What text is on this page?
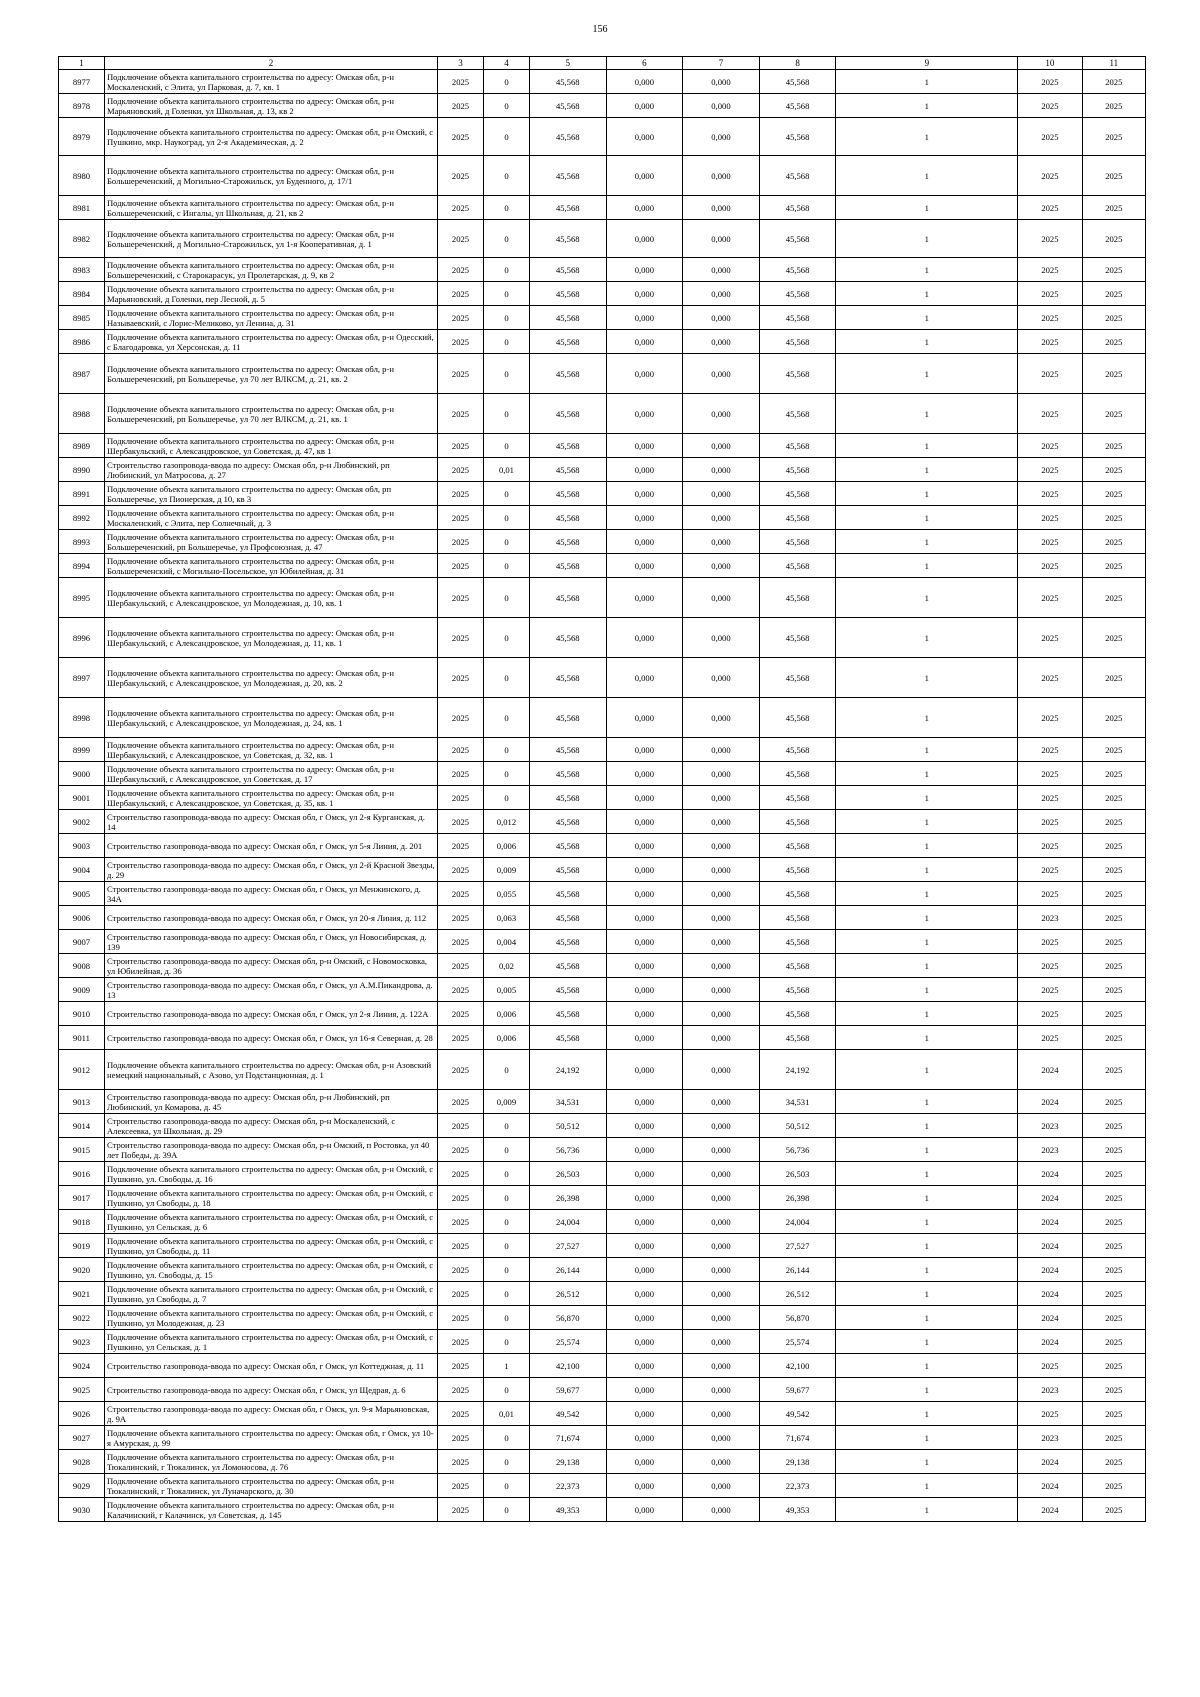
156
1	2	3	4	5	6	7	8	9	10	11
8977	Подключение объекта капитального строительства по адресу: Омская обл, р-н Москаленский, с Элита, ул Парковая, д. 7, кв. 1	2025	0	45,568	0,000	0,000	45,568	1	2025	2025
8978	Подключение объекта капитального строительства по адресу: Омская обл, р-н Марьяновский, д Голенки, ул Школьная, д. 13, кв 2	2025	0	45,568	0,000	0,000	45,568	1	2025	2025
8979	Подключение объекта капитального строительства по адресу: Омская обл, р-н Омский, с Пушкино, мкр. Наукоград, ул 2-я Академическая, д. 2	2025	0	45,568	0,000	0,000	45,568	1	2025	2025
8980	Подключение объекта капитального строительства по адресу: Омская обл, р-н Большереченский, д Могильно-Старожильск, ул Буденного, д. 17/1	2025	0	45,568	0,000	0,000	45,568	1	2025	2025
8981	Подключение объекта капитального строительства по адресу: Омская обл, р-н Большереченский, с Ингалы, ул Школьная, д. 21, кв 2	2025	0	45,568	0,000	0,000	45,568	1	2025	2025
8982	Подключение объекта капитального строительства по адресу: Омская обл, р-н Большереченский, д Могильно-Старожильск, ул 1-я Кооперативная, д. 1	2025	0	45,568	0,000	0,000	45,568	1	2025	2025
8983	Подключение объекта капитального строительства по адресу: Омская обл, р-н Большереченский, с Старокарасук, ул Пролетарская, д. 9, кв 2	2025	0	45,568	0,000	0,000	45,568	1	2025	2025
8984	Подключение объекта капитального строительства по адресу: Омская обл, р-н Марьяновский, д Голенки, пер Лесной, д. 5	2025	0	45,568	0,000	0,000	45,568	1	2025	2025
8985	Подключение объекта капитального строительства по адресу: Омская обл, р-н Называевский, с Лорис-Меликово, ул Ленина, д. 31	2025	0	45,568	0,000	0,000	45,568	1	2025	2025
8986	Подключение объекта капитального строительства по адресу: Омская обл, р-н Одесский, с Благодаровка, ул Херсонская, д. 11	2025	0	45,568	0,000	0,000	45,568	1	2025	2025
8987	Подключение объекта капитального строительства по адресу: Омская обл, р-н Большереченский, рп Большеречье, ул 70 лет ВЛКСМ, д. 21, кв. 2	2025	0	45,568	0,000	0,000	45,568	1	2025	2025
8988	Подключение объекта капитального строительства по адресу: Омская обл, р-н Большереченский, рп Большеречье, ул 70 лет ВЛКСМ, д. 21, кв. 1	2025	0	45,568	0,000	0,000	45,568	1	2025	2025
8989	Подключение объекта капитального строительства по адресу: Омская обл, р-н Шербакульский, с Александровское, ул Советская, д. 47, кв 1	2025	0	45,568	0,000	0,000	45,568	1	2025	2025
8990	Строительство газопровода-ввода по адресу: Омская обл, р-н Любинский, рп Любинский, ул Матросова, д. 27	2025	0,01	45,568	0,000	0,000	45,568	1	2025	2025
8991	Подключение объекта капитального строительства по адресу: Омская обл, рп Большеречье, ул Пионерская, д 10, кв 3	2025	0	45,568	0,000	0,000	45,568	1	2025	2025
8992	Подключение объекта капитального строительства по адресу: Омская обл, р-н Москаленский, с Элита, пер Солнечный, д. 3	2025	0	45,568	0,000	0,000	45,568	1	2025	2025
8993	Подключение объекта капитального строительства по адресу: Омская обл, р-н Большереченский, рп Большеречье, ул Профсоюзная, д. 47	2025	0	45,568	0,000	0,000	45,568	1	2025	2025
8994	Подключение объекта капитального строительства по адресу: Омская обл, р-н Большереченский, с Могильно-Посельское, ул Юбилейная, д. 31	2025	0	45,568	0,000	0,000	45,568	1	2025	2025
8995	Подключение объекта капитального строительства по адресу: Омская обл, р-н Шербакульский, с Александровское, ул Молодежная, д. 10, кв. 1	2025	0	45,568	0,000	0,000	45,568	1	2025	2025
8996	Подключение объекта капитального строительства по адресу: Омская обл, р-н Шербакульский, с Александровское, ул Молодежная, д. 11, кв. 1	2025	0	45,568	0,000	0,000	45,568	1	2025	2025
8997	Подключение объекта капитального строительства по адресу: Омская обл, р-н Шербакульский, с Александровское, ул Молодежная, д. 20, кв. 2	2025	0	45,568	0,000	0,000	45,568	1	2025	2025
8998	Подключение объекта капитального строительства по адресу: Омская обл, р-н Шербакульский, с Александровское, ул Молодежная, д. 24, кв. 1	2025	0	45,568	0,000	0,000	45,568	1	2025	2025
8999	Подключение объекта капитального строительства по адресу: Омская обл, р-н Шербакульский, с Александровское, ул Советская, д. 32, кв. 1	2025	0	45,568	0,000	0,000	45,568	1	2025	2025
9000	Подключение объекта капитального строительства по адресу: Омская обл, р-н Шербакульский, с Александровское, ул Советская, д. 17	2025	0	45,568	0,000	0,000	45,568	1	2025	2025
9001	Подключение объекта капитального строительства по адресу: Омская обл, р-н Шербакульский, с Александровское, ул Советская, д. 35, кв. 1	2025	0	45,568	0,000	0,000	45,568	1	2025	2025
9002	Строительство газопровода-ввода по адресу: Омская обл, г Омск, ул 2-я Курганская, д. 14	2025	0,012	45,568	0,000	0,000	45,568	1	2025	2025
9003	Строительство газопровода-ввода по адресу: Омская обл, г Омск, ул 5-я Линия, д. 201	2025	0,006	45,568	0,000	0,000	45,568	1	2025	2025
9004	Строительство газопровода-ввода по адресу: Омская обл, г Омск, ул 2-й Красной Звезды, д. 29	2025	0,009	45,568	0,000	0,000	45,568	1	2025	2025
9005	Строительство газопровода-ввода по адресу: Омская обл, г Омск, ул Менжинского, д. 34А	2025	0,055	45,568	0,000	0,000	45,568	1	2025	2025
9006	Строительство газопровода-ввода по адресу: Омская обл, г Омск, ул 20-я Линия, д. 112	2025	0,063	45,568	0,000	0,000	45,568	1	2023	2025
9007	Строительство газопровода-ввода по адресу: Омская обл, г Омск, ул Новосибирская, д. 139	2025	0,004	45,568	0,000	0,000	45,568	1	2025	2025
9008	Строительство газопровода-ввода по адресу: Омская обл, р-н Омский, с Новомосковка, ул Юбилейная, д. 36	2025	0,02	45,568	0,000	0,000	45,568	1	2025	2025
9009	Строительство газопровода-ввода по адресу: Омская обл, г Омск, ул А.М.Пикандрова, д. 13	2025	0,005	45,568	0,000	0,000	45,568	1	2025	2025
9010	Строительство газопровода-ввода по адресу: Омская обл, г Омск, ул 2-я Линия, д. 122А	2025	0,006	45,568	0,000	0,000	45,568	1	2025	2025
9011	Строительство газопровода-ввода по адресу: Омская обл, г Омск, ул 16-я Северная, д. 28	2025	0,006	45,568	0,000	0,000	45,568	1	2025	2025
9012	Подключение объекта капитального строительства по адресу: Омская обл, р-н Азовский немецкий национальный, с Азово, ул Подстанционная, д. 1	2025	0	24,192	0,000	0,000	24,192	1	2024	2025
9013	Строительство газопровода-ввода по адресу: Омская обл, р-н Любинский, рп Любинский, ул Комарова, д. 45	2025	0,009	34,531	0,000	0,000	34,531	1	2024	2025
9014	Строительство газопровода-ввода по адресу: Омская обл, р-н Москаленский, с Алексеевка, ул Школьная, д. 29	2025	0	50,512	0,000	0,000	50,512	1	2023	2025
9015	Строительство газопровода-ввода по адресу: Омская обл, р-н Омский, п Ростовка, ул 40 лет Победы, д. 39А	2025	0	56,736	0,000	0,000	56,736	1	2023	2025
9016	Подключение объекта капитального строительства по адресу: Омская обл, р-н Омский, с Пушкино, ул. Свободы, д. 16	2025	0	26,503	0,000	0,000	26,503	1	2024	2025
9017	Подключение объекта капитального строительства по адресу: Омская обл, р-н Омский, с Пушкино, ул Свободы, д. 18	2025	0	26,398	0,000	0,000	26,398	1	2024	2025
9018	Подключение объекта капитального строительства по адресу: Омская обл, р-н Омский, с Пушкино, ул Сельская, д. 6	2025	0	24,004	0,000	0,000	24,004	1	2024	2025
9019	Подключение объекта капитального строительства по адресу: Омская обл, р-н Омский, с Пушкино, ул Свободы, д. 11	2025	0	27,527	0,000	0,000	27,527	1	2024	2025
9020	Подключение объекта капитального строительства по адресу: Омская обл, р-н Омский, с Пушкино, ул. Свободы, д. 15	2025	0	26,144	0,000	0,000	26,144	1	2024	2025
9021	Подключение объекта капитального строительства по адресу: Омская обл, р-н Омский, с Пушкино, ул Свободы, д. 7	2025	0	26,512	0,000	0,000	26,512	1	2024	2025
9022	Подключение объекта капитального строительства по адресу: Омская обл, р-н Омский, с Пушкино, ул Молодежная, д. 23	2025	0	56,870	0,000	0,000	56,870	1	2024	2025
9023	Подключение объекта капитального строительства по адресу: Омская обл, р-н Омский, с Пушкино, ул Сельская, д. 1	2025	0	25,574	0,000	0,000	25,574	1	2024	2025
9024	Строительство газопровода-ввода по адресу: Омская обл, г Омск, ул Коттеджная, д. 11	2025	1	42,100	0,000	0,000	42,100	1	2025	2025
9025	Строительство газопровода-ввода по адресу: Омская обл, г Омск, ул Щедрая, д. 6	2025	0	59,677	0,000	0,000	59,677	1	2023	2025
9026	Строительство газопровода-ввода по адресу: Омская обл, г Омск, ул. 9-я Марьяновская, д. 9А	2025	0,01	49,542	0,000	0,000	49,542	1	2025	2025
9027	Подключение объекта капитального строительства по адресу: Омская обл, г Омск, ул 10-я Амурская, д. 99	2025	0	71,674	0,000	0,000	71,674	1	2023	2025
9028	Подключение объекта капитального строительства по адресу: Омская обл, р-н Тюкалинский, г Тюкалинск, ул Ломоносова, д. 76	2025	0	29,138	0,000	0,000	29,138	1	2024	2025
9029	Подключение объекта капитального строительства по адресу: Омская обл, р-н Тюкалинский, г Тюкалинск, ул Луначарского, д. 30	2025	0	22,373	0,000	0,000	22,373	1	2024	2025
9030	Подключение объекта капитального строительства по адресу: Омская обл, р-н Калачинский, г Калачинск, ул Советская, д. 145	2025	0	49,353	0,000	0,000	49,353	1	2024	2025
